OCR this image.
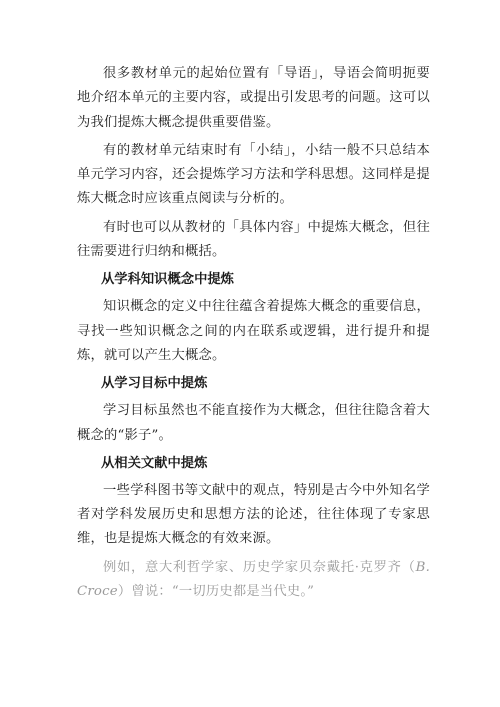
很多教材单元的起始位置有「导语」，导语会简明扼要地介绍本单元的主要内容，或提出引发思考的问题。这可以为我们提炼大概念提供重要借鉴。

有的教材单元结束时有「小结」，小结一般不只总结本单元学习内容，还会提炼学习方法和学科思想。这同样是提炼大概念时应该重点阅读与分析的。

有时也可以从教材的「具体内容」中提炼大概念，但往往需要进行归纳和概括。

从学科知识概念中提炼

知识概念的定义中往往蕴含着提炼大概念的重要信息，寻找一些知识概念之间的内在联系或逻辑，进行提升和提炼，就可以产生大概念。

从学习目标中提炼

学习目标虽然也不能直接作为大概念，但往往隐含着大概念的“影子”。

从相关文献中提炼

一些学科图书等文献中的观点，特别是古今中外知名学者对学科发展历史和思想方法的论述，往往体现了专家思维，也是提炼大概念的有效来源。

例如，意大利哲学家、历史学家贝奈戴托·克罗齐（B. Croce）曾说：“一切历史都是当代史。”
